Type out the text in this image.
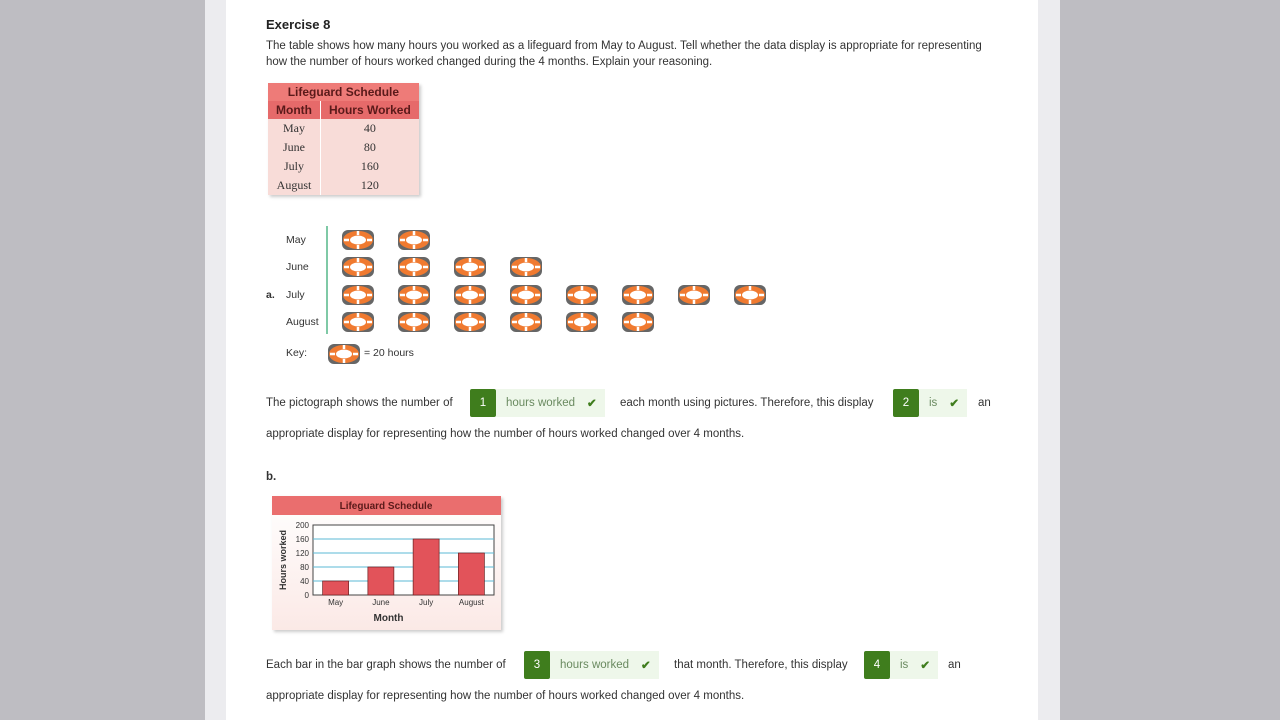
Exercise 8
The table shows how many hours you worked as a lifeguard from May to August. Tell whether the data display is appropriate for representing how the number of hours worked changed during the 4 months. Explain your reasoning.
Lifeguard Schedule	
Month	Hours Worked
May	40
June	80
July	160
August	120
a.
May
June
July
August
Key:	= 20 hours
The pictograph shows the number of	1	hours worked ✔ each month using pictures. Therefore, this display	2	is ✔ an
appropriate display for representing how the number of hours worked changed over 4 months.
b.
Lifeguard Schedule
0
40
80
120
160
200
May	June	July	August
Month
Hours worked
Each bar in the bar graph shows the number of	3	hours worked ✔ that month. Therefore, this display	4	is ✔ an
appropriate display for representing how the number of hours worked changed over 4 months.
